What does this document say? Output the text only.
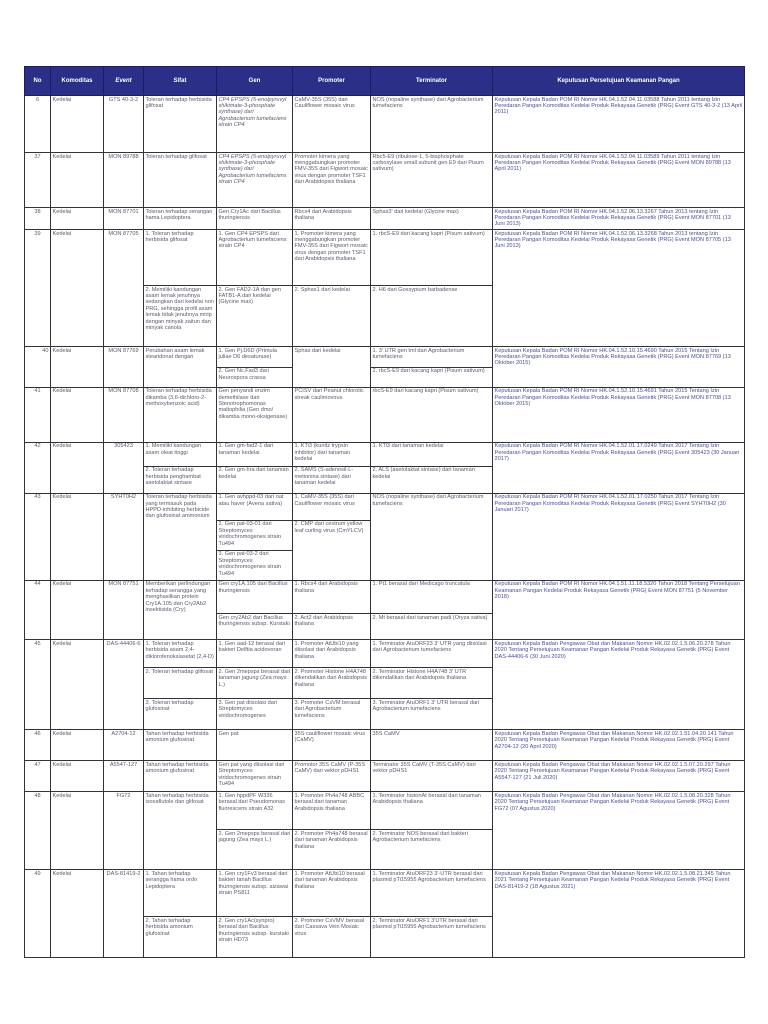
No	Komoditas	Event	Sifat	Gen	Promoter	Terminator	Keputusan Persetujuan Keamanan Pangan
6	Kedelai	GTS 40-3-2	Toleran terhadap herbisida glifosat	CP4 EPSPS (5-enolpyruvyl shikimate-3-phosphate synthase) dari Agrobacterium tumefaciens strain CP4	CaMV-35S (35S) dari Cauliflower mosaic virus	NOS (nopaline synthase) dari Agrobacterium tumefaciens	Keputusan Kepala Badan POM RI Nomor HK.04.1.52.04.11.03588 Tahun 2011 tentang Izin Peredaran Pangan Komoditas Kedelai Produk Rekayasa Genetik (PRG) Event GTS 40-3-2 (13 April 2011)
37	Kedelai	MON 89788	Toleran terhadap glifosat	CP4 EPSPS (5-enolpyruvyl shikimate-3-phosphate synthase) dari Agrobacterium tumefaciens strain CP4	Promoter kimera yang menggabungkan promoter FMV-35S dari Figwort mosaic virus dengan promoter TSF1 dari Arabidopsis thaliana	Rbc5-E9 (ribulose-1, 5-bisphosphate carboxylase small subunit gen E9 dari Pisum sativum)	Keputusan Kepala Badan POM RI Nomor HK.04.1.52.04.11.03589 Tahun 2011 tentang Izin Peredaran Pangan Komoditas Kedelai Produk Rekayasa Genetik (PRG) Event MON 89788 (13 April 2011)
38	Kedelai	MON 87701	Toleran terhadap serangan hama Lepidoptera	Gen Cry1Ac dari Bacillus thuringiensis	Rbcs4 dari Arabidopsis thaliana	Sphas3' dari kedelai (Glycine max)	Keputusan Kepala Badan POM RI Nomor HK.04.1.52.06.13.3267 Tahun 2013 tentang Izin Peredaran Pangan Komoditas Kedelai Produk Rekayasa Genetik (PRG) Event MON 87701 (13 Juni 2013)
39	Kedelai	MON 87705	1. Toleran terhadap herbisida glifosat	1. Gen CP4 EPSPS dari Agrobacterium tumefaciens strain CP4	1. Promoter kimera yang menggabungkan promoter FMV-35S dari Figwort mosaic virus dengan promoter TSF1 dari Arabidopsis thaliana	1. rbcS-E9 dari kacang kapri (Pisum sativum)	Keputusan Kepala Badan POM RI Nomor HK.04.1.52.06.13.3268 Tahun 2013 tentang Izin Peredaran Pangan Komoditas Kedelai Produk Rekayasa Genetik (PRG) Event MON 87705 (13 Juni 2013)
			2. Memiliki kandungan asam lemak jenuhnya sedangkan dari kedelai non PRG, sehingga profil asam lemak tidak jenuhnya mirip dengan minyak zaitun dan minyak canola	2. Gen FAD2-1A dan gen FATB1-A dari kedelai (Glycine max)	2. Sphas1 dari kedelai	2. H6 dari Gossypium barbadense	
40	Kedelai	MON 87769	Perubahan asam lemak stearidonat dengan	1. Gen Pj.D6D (Primula juliae D6 desaturase)	Sphas dari kedelai	1. 3' UTR gen tml dari Agrobacterium tumefaciens	Keputusan Kepala Badan POM RI Nomor HK.04.1.52.10.15.4690 Tahun 2015 Tentang Izin Peredaran Pangan Komoditas Kedelai Produk Rekayasa Genetik (PRG) Event MON 87769 (13 Oktober 2015)
				2. Gen Nc.Fad3 dari Neurospora crassa		2. rbcS-E9 dari kacang kapri (Pisum sativum)	
41	Kedelai	MON 87708	Toleran terhadap herbisida dikamba (3,6-dichloro-2-methoxybenzoic acid)	Gen penyandi enzim demethilase dari Stenotrophomonas maltophilia (Gen dmo/ dikamba mono-oksigenase)	PCISV dari Peanut chlorotic streak caulimovirus	rbcS-E9 dari kacang kapri (Pisum sativum)	Keputusan Kepala Badan POM RI Nomor HK.04.1.52.10.15.4691 Tahun 2015 Tentang Izin Peredaran Pangan Komoditas Kedelai Produk Rekayasa Genetik (PRG) Event MON 87708 (13 Oktober 2015)
42	Kedelai	305423	1. Memiliki kandungan asam oleat tinggi	1. Gen gm-fad2-1 dari tanaman kedelai	1. KTi3 (kunitz trypsin inhibitor) dari tanaman kedelai	1. KTi3 dari tanaman kedelai	Keputusan Kepala Badan POM RI Nomor HK.04.1.52.01.17.0249 Tahun 2017 Tentang Izin Peredaran Pangan Komoditas Kedelai Produk Rekayasa Genetik (PRG) Event 305423 (30 Januari 2017)
			2. Toleran terhadap herbisida penghambat asetolaktat sintase	2. Gen gm-hra dari tanaman kedelai	2. SAMS (S-adenosil-L-metionina sintase) dari tanaman kedelai	2. ALS (asetolaktat sintase) dari tanaman kedelai	
43	Kedelai	SYHT0H2	Toleran terhadap herbisida yang termasuk pada HPPD-inhibiting herbicide dan glufosinat ammonium	1. Gen avhppd-03 dari oat atau haver (Avena sativa)	1. CaMV-35S (35S) dari Cauliflower mosaic virus	NOS (nopaline synthase) dari Agrobacterium tumefaciens	Keputusan Kepala Badan POM RI Nomor HK.04.1.52.01.17.0250 Tahun 2017 Tentang Izin Peredaran Pangan Komoditas Kedelai Produk Rekayasa Genetik (PRG) Event SYHT0H2 (30 Januari 2017)
				2. Gen pat-03-01 dari Streptomyces viridochromogenes strain Tu494	2. CMP dari cestrum yellow leaf curling virus (CmYLCV)		
				3. Gen pat-03-2 dari Streptomyces viridochromogenes strain Tu494			
44	Kedelai	MON 87751	Memberikan perlindungan terhadap serangga yang menghasilkan protein Cry1A.105 dan Cry2Ab2 insektisida (Cry)	Gen cry1A.105 dari Bacillus thuringiensis	1. Rbcs4 dari Arabidopsis thaliana	1. Pt1 berasal dari Medicago truncatula	Keputusan Kepala Badan POM RI Nomor HK.04.1.51.11.18.5320 Tahun 2018 Tentang Persetujuan Keamanan Pangan Kedelai Produk Rekayasa Genetik (PRG) Event MON 87751 (5 November 2018)
				Gen cry2Ab2 dari Bacillus thuringiensis subsp. Kurstaki	2. Act2 dari Arabidopsis thaliana	2. Mt berasal dari tanaman padi (Oryza sativa)	
45	Kedelai	DAS-44406-6	1. Toleran terhadap herbisida asam 2,4-diklorofenoksiasetat (2,4-D)	1. Gen aad-12 berasal dari bakteri Delftia acidovoran	1. Promoter AtUbi10 yang diisolasi dari Arabidopsis thaliana	1. Terminator AtuORF23 3' UTR yang diisolasi dari Agrobacterium tumefaciens	Keputusan Kepala Badan Pengawas Obat dan Makanan Nomor HK.02.02.1.5.06.20.278 Tahun 2020 Tentang Persetujuan Keamanan Pangan Kedelai Produk Rekayasa Genetik (PRG) Event DAS-44406-6 (30 Juni 2020)
			2. Toleran terhadap glifosat	2. Gen 2mepsps berasal dari tanaman jagung (Zea mays L.)	2. Promoter Histone H4A748 dikendalikan dari Arabidopsis thaliana	2. Terminator Histone H4A748 3' UTR dikendalikan dari Arabidopsis thaliana	
			3. Toleran terhadap glufosinat	3. Gen pat diisolasi dari Streptomyces viridochromogenes	3. Promoter CsVM berasal dari Agrobacterium tumefaciens	3. Terminator AtuORF1 3' UTR berasal dari Agrobacterium tumefaciens	
46	Kedelai	A2704-12	Tahan terhadap herbisida amonium glufosinat	Gen pat	35S cauliflower mosaic virus (CaMV)	35S CaMV	Keputusan Kepala Badan Pengawas Obat dan Makanan Nomor HK.02.02.1.51.04.20.141 Tahun 2020 Tentang Persetujuan Keamanan Pangan Kedelai Produk Rekayasa Genetik (PRG) Event A2704-12 (20 April 2020)
47	Kedelai	A5547-127	Tahan terhadap herbisida amonium glufosinat	Gen pat yang diisolasi dari Streptomyces viridochromogenes strain Tu494	Promotor 35S CaMV (P-35S CaMV) dari vektor pDHS1	Terminator 35S CaMV (T-35S CaMV) dari vektor pDHS1	Keputusan Kepala Badan Pengawas Obat dan Makanan Nomor HK.02.02.1.5.07.20.297 Tahun 2020 Tentang Persetujuan Keamanan Pangan Kedelai Produk Rekayasa Genetik (PRG) Event A5547-127 (21 Juli 2020)
48	Kedelai	FG72	Tahan terhadap herbisida isoxaflutole dan glifosat	1. Gen hppdPF W336 berasal dari Pseudomonas fluorescens strain A32	1. Promoter Ph4a748 ABBC berasal dari tanaman Arabidopsis thaliana	1. Terminator histonAt berasal dari tanaman Arabidopsis thaliana	Keputusan Kepala Badan Pengawas Obat dan Makanan Nomor HK.02.02.1.5.08.20.328 Tahun 2020 Tentang Persetujuan Keamanan Pangan Kedelai Produk Rekayasa Genetik (PRG) Event FG72 (07 Agustus 2020)
				2. Gen 2mepsps berasal dari jagung (Zea mays L.)	2. Promoter Ph4a748 berasal dari tanaman Arabidopsis thaliana	2. Terminator NOS berasal dari bakteri Agrobacterium tumefaciens	
49	Kedelai	DAS-81419-2	1. Tahan terhadap serangga hama ordo Lepidoptera	1. Gen cry1Fv3 berasal dari bakteri tanah Bacillus thuringiensis subsp. aizawai strain PS811	1. Promoter AtUbi10 berasal dari tanaman Arabidopsis thaliana	1. Terminator AtuORF23 3'-UTR berasal dari plasmid pTi15955 Agrobacterium tumefaciens	Keputusan Kepala Badan Pengawas Obat dan Makanan Nomor HK.02.02.1.5.08.21.345 Tahun 2021 Tentang Persetujuan Keamanan Pangan Kedelai Produk Rekayasa Genetik (PRG) Event DAS-81419-2 (18 Agustus 2021)
			2. Tahan terhadap herbisida amonium glufosinat	2. Gen cry1Ac(synpro) berasal dari Bacillus thuringiensis subsp. kurstaki strain HD73	2. Promoter CsVMV berasal dari Cassava Vein Mosaic virus	2. Terminator AtuORF1 3'UTR berasal dari plasmid pTi15955 Agrobacterium tumefaciens	
